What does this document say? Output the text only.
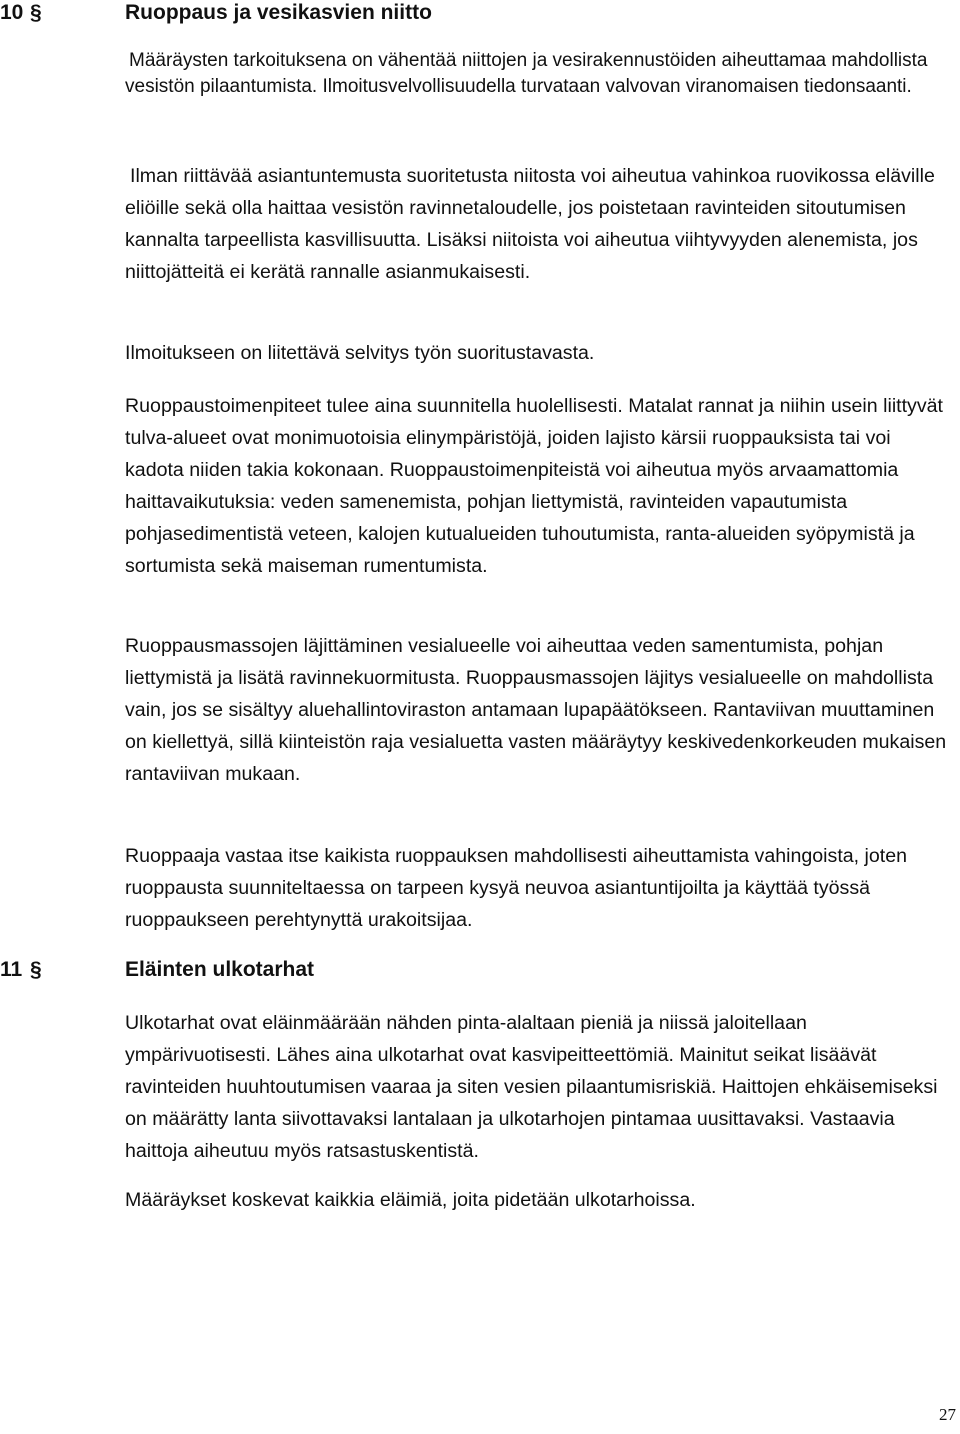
10 §	Ruoppaus ja vesikasvien niitto

Määräysten tarkoituksena on vähentää niittojen ja vesirakennustöiden aiheuttamaa mahdollista vesistön pilaantumista. Ilmoitusvelvollisuudella turvataan valvovan viranomaisen tiedonsaanti.

Ilman riittävää asiantuntemusta suoritetusta niitosta voi aiheutua vahinkoa ruovikossa eläville eliöille sekä olla haittaa vesistön ravinnetaloudelle, jos poistetaan ravinteiden sitoutumisen kannalta tarpeellista kasvillisuutta. Lisäksi niitoista voi aiheutua viihtyvyyden alenemista, jos niittojätteitä ei kerätä rannalle asianmukaisesti.

Ilmoitukseen on liitettävä selvitys työn suoritustavasta.

Ruoppaustoimenpiteet tulee aina suunnitella huolellisesti. Matalat rannat ja niihin usein liittyvät tulva-alueet ovat monimuotoisia elinympäristöjä, joiden lajisto kärsii ruoppauksista tai voi kadota niiden takia kokonaan. Ruoppaustoimenpiteistä voi aiheutua myös arvaamattomia haittavaikutuksia: veden samenemista, pohjan liettymistä, ravinteiden vapautumista pohjasedimentistä veteen, kalojen kutualueiden tuhoutumista, ranta-alueiden syöpymistä ja sortumista sekä maiseman rumentumista.

Ruoppausmassojen läjittäminen vesialueelle voi aiheuttaa veden samentumista, pohjan liettymistä ja lisätä ravinnekuormitusta. Ruoppausmassojen läjitys vesialueelle on mahdollista vain, jos se sisältyy aluehallintoviraston antamaan lupapäätökseen. Rantaviivan muuttaminen on kiellettyä, sillä kiinteistön raja vesialuetta vasten määräytyy keskivedenkorkeuden mukaisen rantaviivan mukaan.

Ruoppaaja vastaa itse kaikista ruoppauksen mahdollisesti aiheuttamista vahingoista, joten ruoppausta suunniteltaessa on tarpeen kysyä neuvoa asiantuntijoilta ja käyttää työssä ruoppaukseen perehtynyttä urakoitsijaa.

11 §	Eläinten ulkotarhat

Ulkotarhat ovat eläinmäärään nähden pinta-alaltaan pieniä ja niissä jaloitellaan ympärivuotisesti. Lähes aina ulkotarhat ovat kasvipeitteettömiä. Mainitut seikat lisäävät ravinteiden huuhtoutumisen vaaraa ja siten vesien pilaantumisriskiä. Haittojen ehkäisemiseksi on määrätty lanta siivottavaksi lantalaan ja ulkotarhojen pintamaa uusittavaksi. Vastaavia haittoja aiheutuu myös ratsastuskentistä.

Määräykset koskevat kaikkia eläimiä, joita pidetään ulkotarhoissa.

27
